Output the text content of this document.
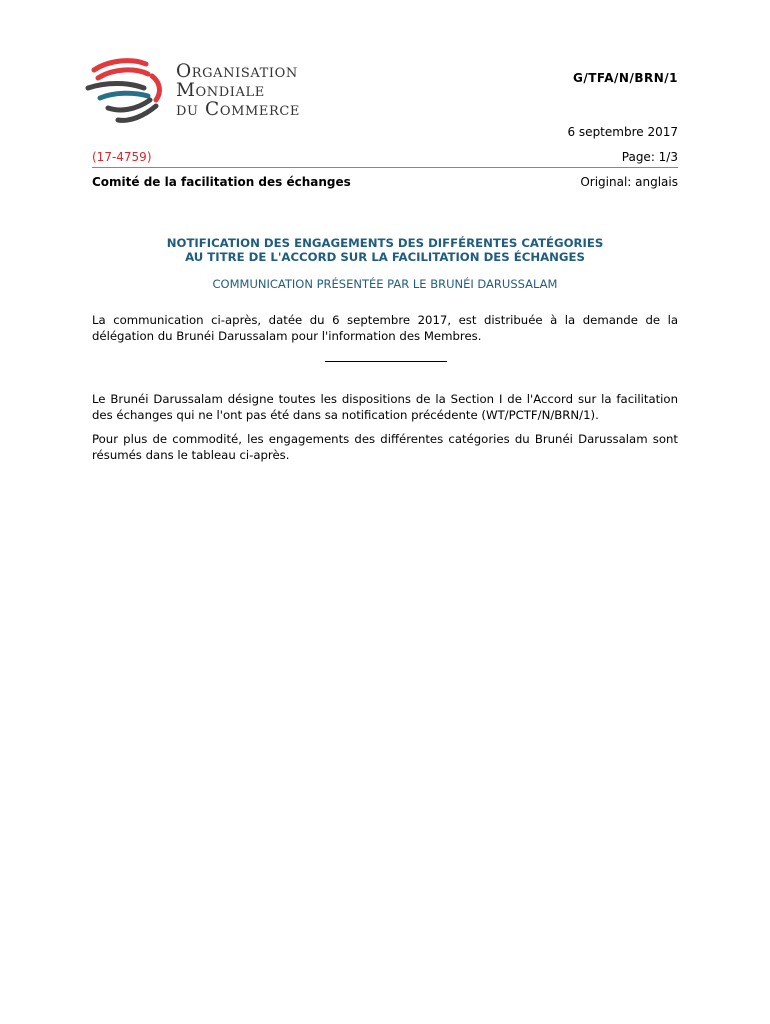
Organisation
Mondiale
du Commerce
G/TFA/N/BRN/1
6 septembre 2017
(17-4759)	Page: 1/3
Comité de la facilitation des échanges	Original: anglais
NOTIFICATION DES ENGAGEMENTS DES DIFFÉRENTES CATÉGORIES
AU TITRE DE L'ACCORD SUR LA FACILITATION DES ÉCHANGES
COMMUNICATION PRÉSENTÉE PAR LE BRUNÉI DARUSSALAM
La communication ci-après, datée du 6 septembre 2017, est distribuée à la demande de la délégation du Brunéi Darussalam pour l'information des Membres.
Le Brunéi Darussalam désigne toutes les dispositions de la Section I de l'Accord sur la facilitation des échanges qui ne l'ont pas été dans sa notification précédente (WT/PCTF/N/BRN/1).
Pour plus de commodité, les engagements des différentes catégories du Brunéi Darussalam sont résumés dans le tableau ci-après.
